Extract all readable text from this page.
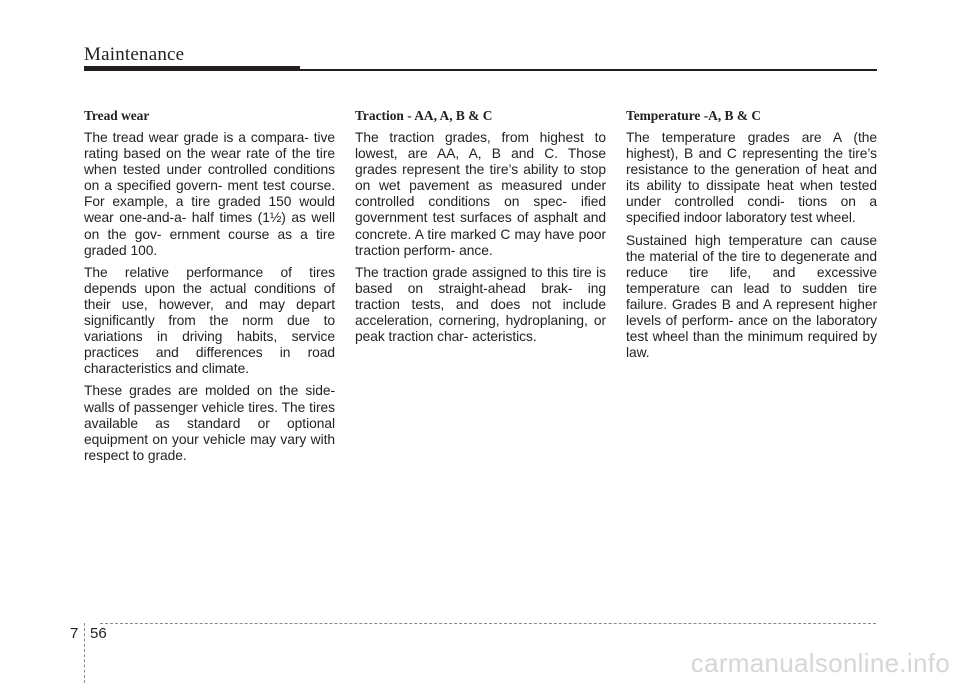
Maintenance
Tread wear

The tread wear grade is a compara- tive rating based on the wear rate of the tire when tested under controlled conditions on a specified govern- ment test course. For example, a tire graded 150 would wear one-and-a- half times (1½) as well on the gov- ernment course as a tire graded 100.

The relative performance of tires depends upon the actual conditions of their use, however, and may depart significantly from the norm due to variations in driving habits, service practices and differences in road characteristics and climate.

These grades are molded on the side-walls of passenger vehicle tires. The tires available as standard or optional equipment on your vehicle may vary with respect to grade.

Traction - AA, A, B & C

The traction grades, from highest to lowest, are AA, A, B and C. Those grades represent the tire’s ability to stop on wet pavement as measured under controlled conditions on spec- ified government test surfaces of asphalt and concrete. A tire marked C may have poor traction perform- ance.

The traction grade assigned to this tire is based on straight-ahead brak- ing traction tests, and does not include acceleration, cornering, hydroplaning, or peak traction char- acteristics.

Temperature -A, B & C

The temperature grades are A (the highest), B and C representing the tire’s resistance to the generation of heat and its ability to dissipate heat when tested under controlled condi- tions on a specified indoor laboratory test wheel.

Sustained high temperature can cause the material of the tire to degenerate and reduce tire life, and excessive temperature can lead to sudden tire failure. Grades B and A represent higher levels of perform- ance on the laboratory test wheel than the minimum required by law.

7 56
carmanualsonline.info
